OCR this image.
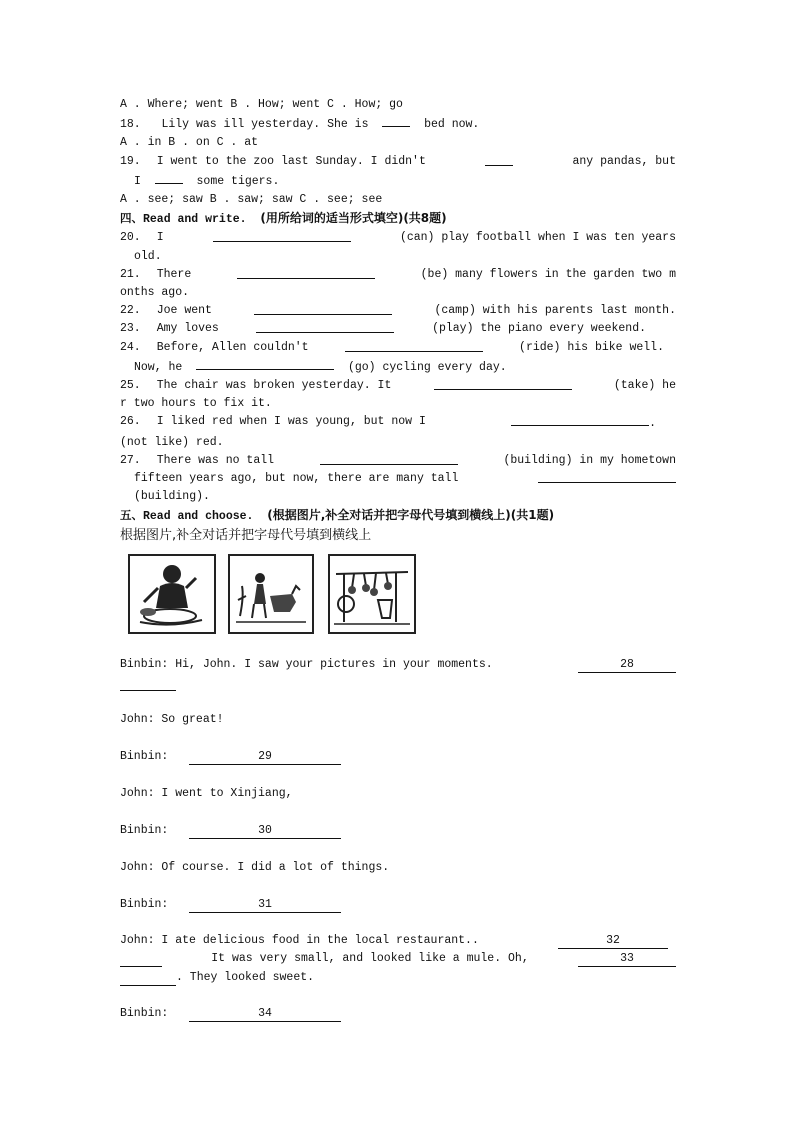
A . Where; went B . How; went C . How; go
18. Lily was ill yesterday. She is	bed now.
A . in B . on C . at
19. I went to the zoo last Sunday. I didn't	any pandas, but
I	some tigers.
A . see; saw B . saw; saw C . see; see
四、Read and write. (用所给词的适当形式填空)(共8题)
20. I	(can) play football when I was ten years
old.
21. There	(be) many flowers in the garden two m
onths ago.
22. Joe went	(camp) with his parents last month.
23. Amy loves	(play) the piano every weekend.
24. Before, Allen couldn't	(ride) his bike well.
Now, he	(go) cycling every day.
25. The chair was broken yesterday. It	(take) he
r two hours to fix it.
26. I liked red when I was young, but now I	.
(not like) red.
27. There was no tall	(building) in my hometown
fifteen years ago, but now, there are many tall
(building).
五、Read and choose. (根据图片,补全对话并把字母代号填到横线上)(共1题)
根据图片,补全对话并把字母代号填到横线上
Binbin: Hi, John. I saw your pictures in your moments.	28

John: So great!
Binbin:	29
John: I went to Xinjiang,
Binbin:	30
John: Of course. I did a lot of things.
Binbin:	31
John: I ate delicious food in the local restaurant..	32

It was very small, and looked like a mule. Oh,	33
. They looked sweet.
Binbin:	34
